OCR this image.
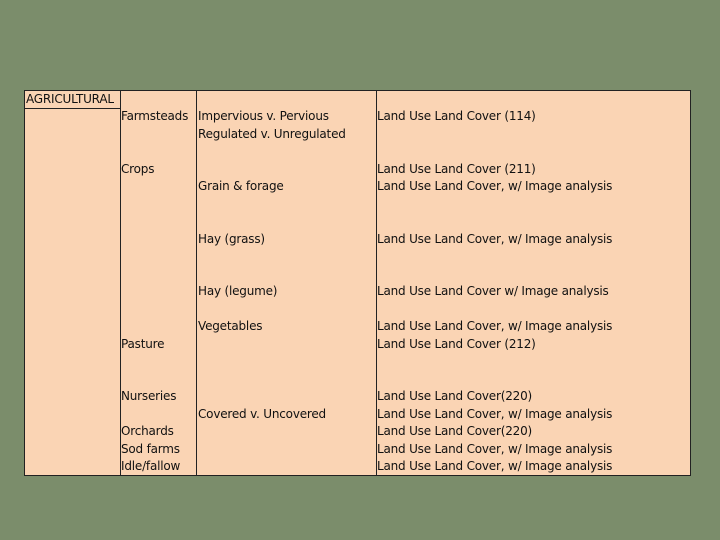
AGRICULTURAL
Farmsteads
Crops
Pasture
Nurseries
Orchards
Sod farms
Idle/fallow
Impervious v. Pervious
Regulated v. Unregulated
Grain & forage
Hay (grass)
Hay (legume)
Vegetables
Covered v. Uncovered
Land Use Land Cover (114)
Land Use Land Cover (211)
Land Use Land Cover, w/ Image analysis
Land Use Land Cover, w/ Image analysis
Land Use Land Cover w/ Image analysis
Land Use Land Cover, w/ Image analysis
Land Use Land Cover (212)
Land Use Land Cover(220)
Land Use Land Cover, w/ Image analysis
Land Use Land Cover(220)
Land Use Land Cover, w/ Image analysis
Land Use Land Cover, w/ Image analysis
